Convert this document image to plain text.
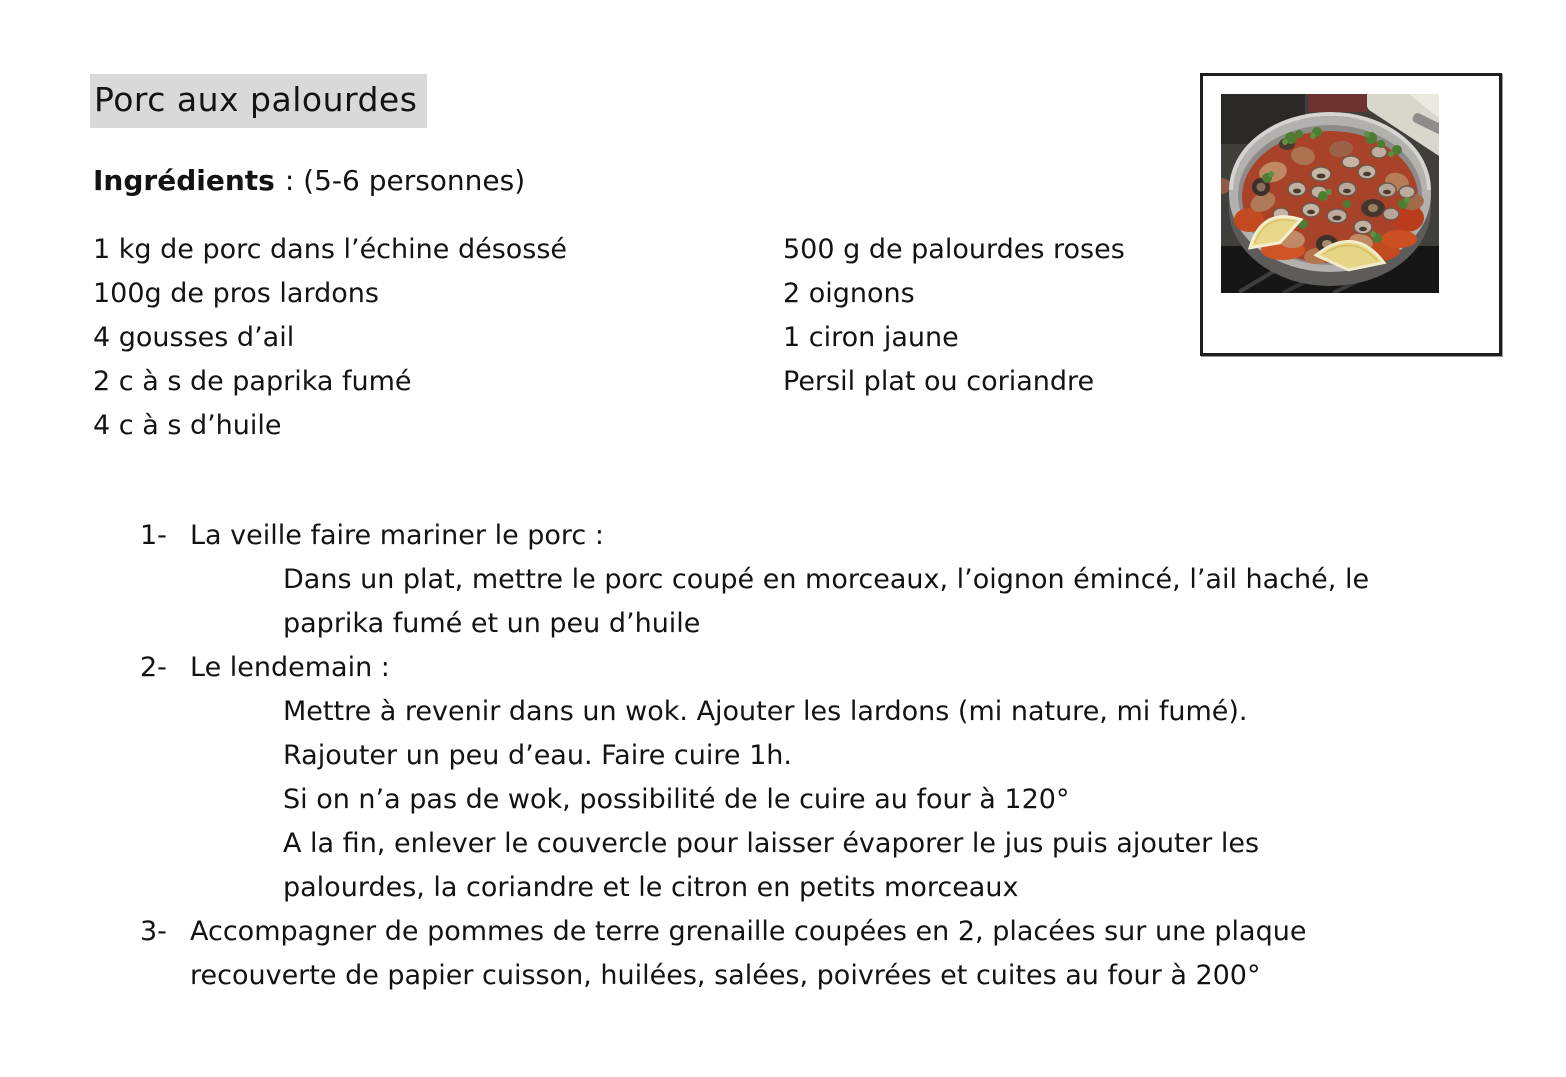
Porc aux palourdes
Ingrédients : (5-6 personnes)
1 kg de porc dans l’échine désossé
100g de pros lardons
4 gousses d’ail
2 c à s de paprika fumé
4 c à s d’huile
500 g de palourdes roses
2 oignons
1 ciron jaune
Persil plat ou coriandre
1- La veille faire mariner le porc :
Dans un plat, mettre le porc coupé en morceaux, l’oignon émincé, l’ail haché, le
paprika fumé et un peu d’huile
2- Le lendemain :
Mettre à revenir dans un wok. Ajouter les lardons (mi nature, mi fumé).
Rajouter un peu d’eau. Faire cuire 1h.
Si on n’a pas de wok, possibilité de le cuire au four à 120°
A la fin, enlever le couvercle pour laisser évaporer le jus puis ajouter les
palourdes, la coriandre et le citron en petits morceaux
3- Accompagner de pommes de terre grenaille coupées en 2, placées sur une plaque
recouverte de papier cuisson, huilées, salées, poivrées et cuites au four à 200°
